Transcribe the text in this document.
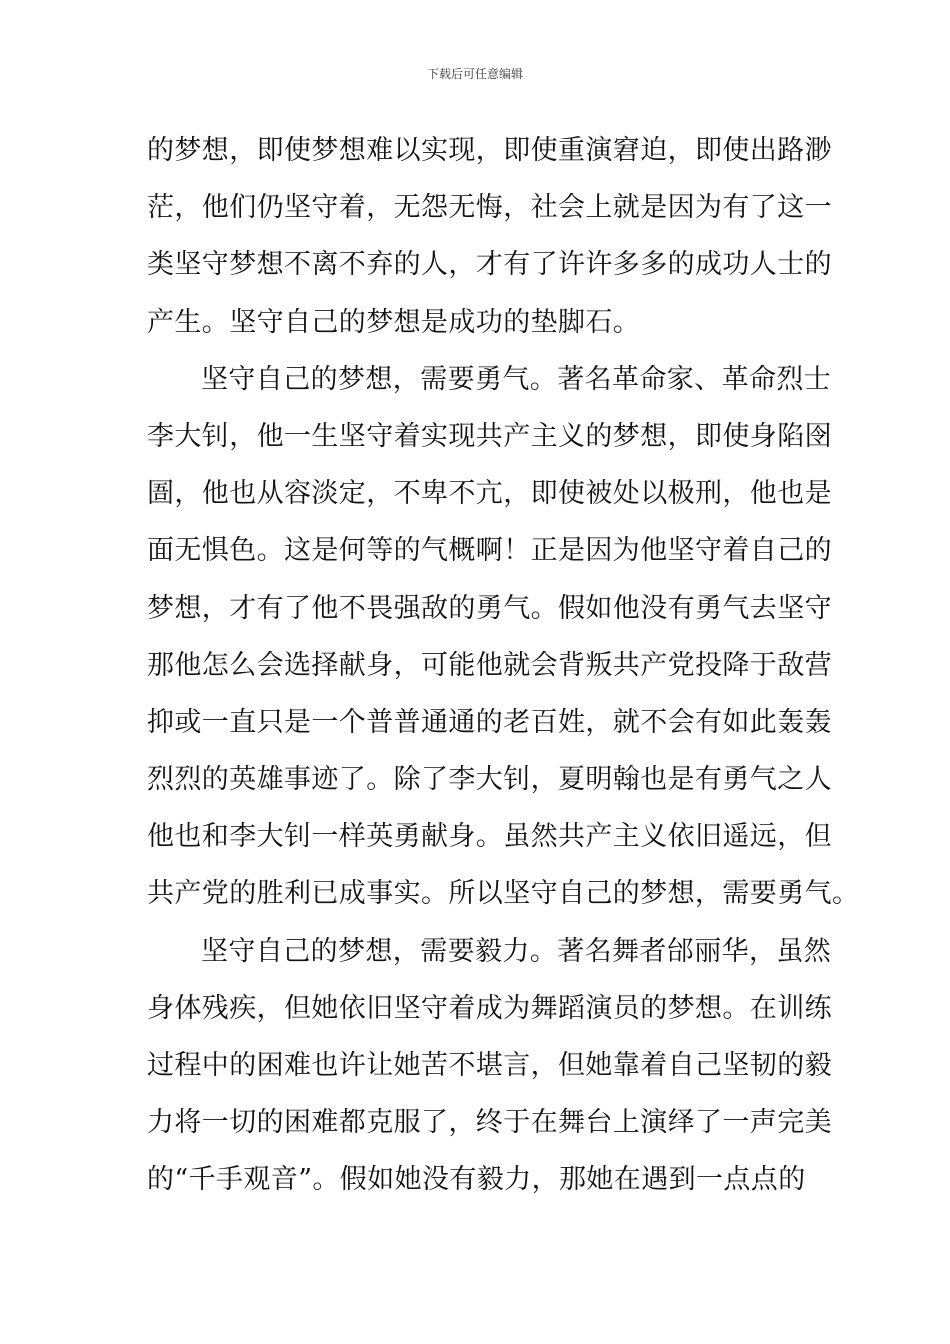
下载后可任意编辑
的梦想，即使梦想难以实现，即使重演窘迫，即使出路渺
茫，他们仍坚守着，无怨无悔，社会上就是因为有了这一
类坚守梦想不离不弃的人，才有了许许多多的成功人士的
产生。坚守自己的梦想是成功的垫脚石。
坚守自己的梦想，需要勇气。著名革命家、革命烈士
李大钊，他一生坚守着实现共产主义的梦想，即使身陷囹
圄，他也从容淡定，不卑不亢，即使被处以极刑，他也是
面无惧色。这是何等的气概啊！正是因为他坚守着自己的
梦想，才有了他不畏强敌的勇气。假如他没有勇气去坚守
那他怎么会选择献身，可能他就会背叛共产党投降于敌营
抑或一直只是一个普普通通的老百姓，就不会有如此轰轰
烈烈的英雄事迹了。除了李大钊，夏明翰也是有勇气之人
他也和李大钊一样英勇献身。虽然共产主义依旧遥远，但
共产党的胜利已成事实。所以坚守自己的梦想，需要勇气。
坚守自己的梦想，需要毅力。著名舞者邰丽华，虽然
身体残疾，但她依旧坚守着成为舞蹈演员的梦想。在训练
过程中的困难也许让她苦不堪言，但她靠着自己坚韧的毅
力将一切的困难都克服了，终于在舞台上演绎了一声完美
的“千手观音”。假如她没有毅力，那她在遇到一点点的
